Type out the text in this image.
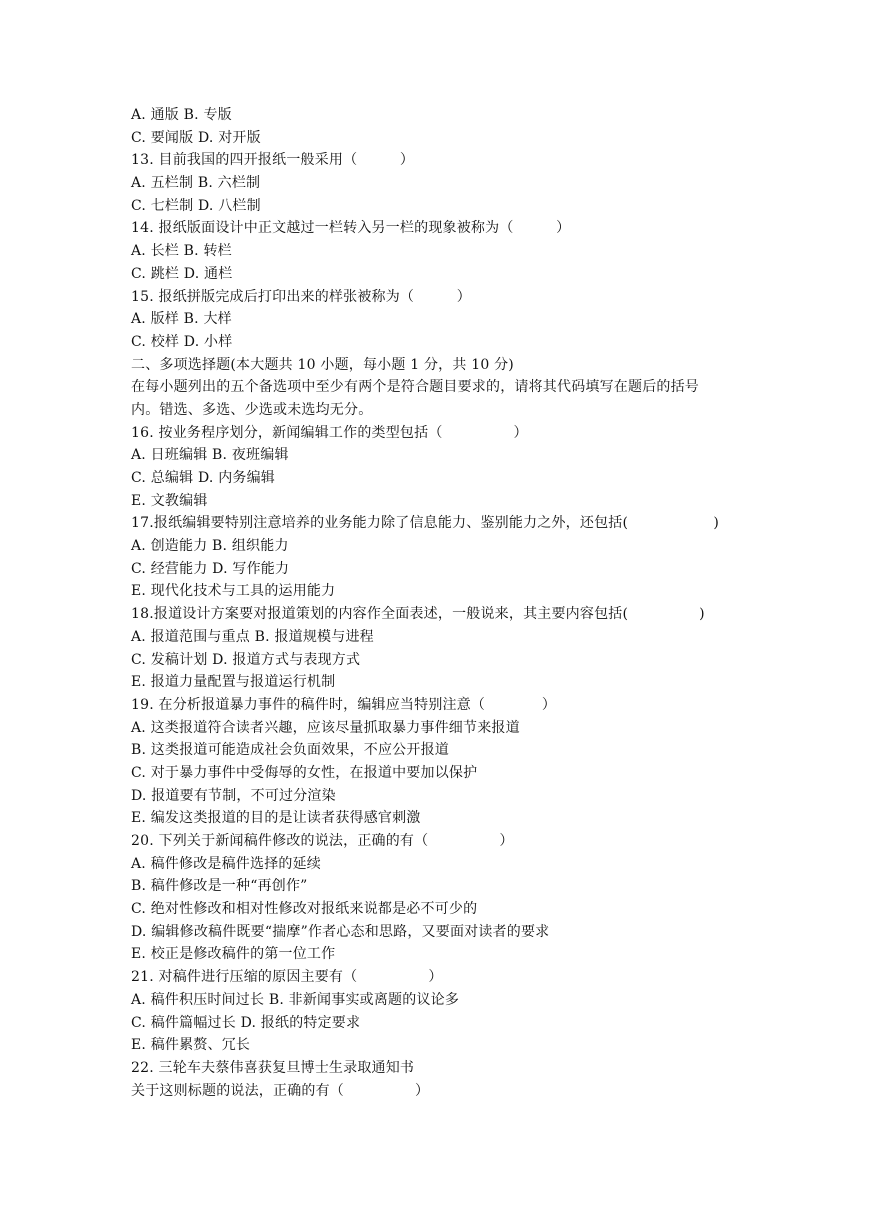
A. 通版 B. 专版
C. 要闻版 D. 对开版
13. 目前我国的四开报纸一般采用（　　　）
A. 五栏制 B. 六栏制
C. 七栏制 D. 八栏制
14. 报纸版面设计中正文越过一栏转入另一栏的现象被称为（　　　）
A. 长栏 B. 转栏
C. 跳栏 D. 通栏
15. 报纸拼版完成后打印出来的样张被称为（　　　）
A. 版样 B. 大样
C. 校样 D. 小样
二、多项选择题(本大题共 10 小题，每小题 1 分，共 10 分)
在每小题列出的五个备选项中至少有两个是符合题目要求的，请将其代码填写在题后的括号
内。错选、多选、少选或未选均无分。
16. 按业务程序划分，新闻编辑工作的类型包括（　　　　　）
A. 日班编辑 B. 夜班编辑
C. 总编辑 D. 内务编辑
E. 文教编辑
17.报纸编辑要特别注意培养的业务能力除了信息能力、鉴别能力之外，还包括(　　　　　　)
A. 创造能力 B. 组织能力
C. 经营能力 D. 写作能力
E. 现代化技术与工具的运用能力
18.报道设计方案要对报道策划的内容作全面表述，一般说来，其主要内容包括(　　　　　)
A. 报道范围与重点 B. 报道规模与进程
C. 发稿计划 D. 报道方式与表现方式
E. 报道力量配置与报道运行机制
19. 在分析报道暴力事件的稿件时，编辑应当特别注意（　　　　）
A. 这类报道符合读者兴趣，应该尽量抓取暴力事件细节来报道
B. 这类报道可能造成社会负面效果，不应公开报道
C. 对于暴力事件中受侮辱的女性，在报道中要加以保护
D. 报道要有节制，不可过分渲染
E. 编发这类报道的目的是让读者获得感官刺激
20. 下列关于新闻稿件修改的说法，正确的有（　　　　　）
A. 稿件修改是稿件选择的延续
B. 稿件修改是一种“再创作”
C. 绝对性修改和相对性修改对报纸来说都是必不可少的
D. 编辑修改稿件既要“揣摩”作者心态和思路，又要面对读者的要求
E. 校正是修改稿件的第一位工作
21. 对稿件进行压缩的原因主要有（　　　　　）
A. 稿件积压时间过长 B. 非新闻事实或离题的议论多
C. 稿件篇幅过长 D. 报纸的特定要求
E. 稿件累赘、冗长
22. 三轮车夫蔡伟喜获复旦博士生录取通知书
关于这则标题的说法，正确的有（　　　　　）
